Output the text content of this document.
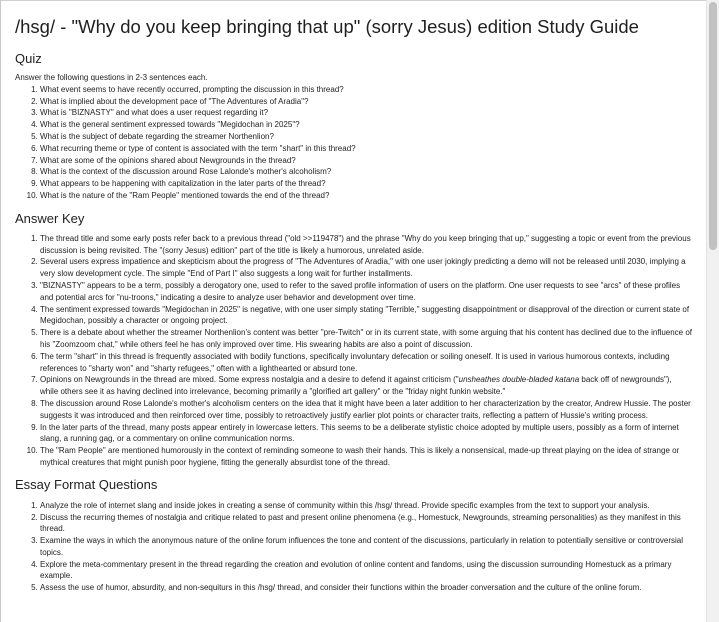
/hsg/ - "Why do you keep bringing that up" (sorry Jesus) edition Study Guide
Quiz

Answer the following questions in 2-3 sentences each.

1. What event seems to have recently occurred, prompting the discussion in this thread?
2. What is implied about the development pace of "The Adventures of Aradia"?
3. What is "BIZNASTY" and what does a user request regarding it?
4. What is the general sentiment expressed towards "Megidochan in 2025"?
5. What is the subject of debate regarding the streamer Northenlion?
6. What recurring theme or type of content is associated with the term "shart" in this thread?
7. What are some of the opinions shared about Newgrounds in the thread?
8. What is the context of the discussion around Rose Lalonde's mother's alcoholism?
9. What appears to be happening with capitalization in the later parts of the thread?
10. What is the nature of the "Ram People" mentioned towards the end of the thread?
Answer Key
1. The thread title and some early posts refer back to a previous thread ("old >>119478") and the phrase "Why do you keep bringing that up," suggesting a topic or event from the previous discussion is being revisited. The "(sorry Jesus) edition" part of the title is likely a humorous, unrelated aside.
2. Several users express impatience and skepticism about the progress of "The Adventures of Aradia," with one user jokingly predicting a demo will not be released until 2030, implying a very slow development cycle. The simple "End of Part I" also suggests a long wait for further installments.
3. "BIZNASTY" appears to be a term, possibly a derogatory one, used to refer to the saved profile information of users on the platform. One user requests to see "arcs" of these profiles and potential arcs for "nu-troons," indicating a desire to analyze user behavior and development over time.
4. The sentiment expressed towards "Megidochan in 2025" is negative, with one user simply stating "Terrible," suggesting disappointment or disapproval of the direction or current state of Megidochan, possibly a character or ongoing project.
5. There is a debate about whether the streamer Northenlion's content was better "pre-Twitch" or in its current state, with some arguing that his content has declined due to the influence of his "Zoomzoom chat," while others feel he has only improved over time. His swearing habits are also a point of discussion.
6. The term "shart" in this thread is frequently associated with bodily functions, specifically involuntary defecation or soiling oneself. It is used in various humorous contexts, including references to "sharty won" and "sharty refugees," often with a lighthearted or absurd tone.
7. Opinions on Newgrounds in the thread are mixed. Some express nostalgia and a desire to defend it against criticism ("unsheathes double-bladed katana back off of newgrounds"), while others see it as having declined into irrelevance, becoming primarily a "glorified art gallery" or the "friday night funkin website."
8. The discussion around Rose Lalonde's mother's alcoholism centers on the idea that it might have been a later addition to her characterization by the creator, Andrew Hussie. The poster suggests it was introduced and then reinforced over time, possibly to retroactively justify earlier plot points or character traits, reflecting a pattern of Hussie's writing process.
9. In the later parts of the thread, many posts appear entirely in lowercase letters. This seems to be a deliberate stylistic choice adopted by multiple users, possibly as a form of internet slang, a running gag, or a commentary on online communication norms.
10. The "Ram People" are mentioned humorously in the context of reminding someone to wash their hands. This is likely a nonsensical, made-up threat playing on the idea of strange or mythical creatures that might punish poor hygiene, fitting the generally absurdist tone of the thread.
Essay Format Questions
1. Analyze the role of internet slang and inside jokes in creating a sense of community within this /hsg/ thread. Provide specific examples from the text to support your analysis.
2. Discuss the recurring themes of nostalgia and critique related to past and present online phenomena (e.g., Homestuck, Newgrounds, streaming personalities) as they manifest in this thread.
3. Examine the ways in which the anonymous nature of the online forum influences the tone and content of the discussions, particularly in relation to potentially sensitive or controversial topics.
4. Explore the meta-commentary present in the thread regarding the creation and evolution of online content and fandoms, using the discussion surrounding Homestuck as a primary example.
5. Assess the use of humor, absurdity, and non-sequiturs in this /hsg/ thread, and consider their functions within the broader conversation and the culture of the online forum.
